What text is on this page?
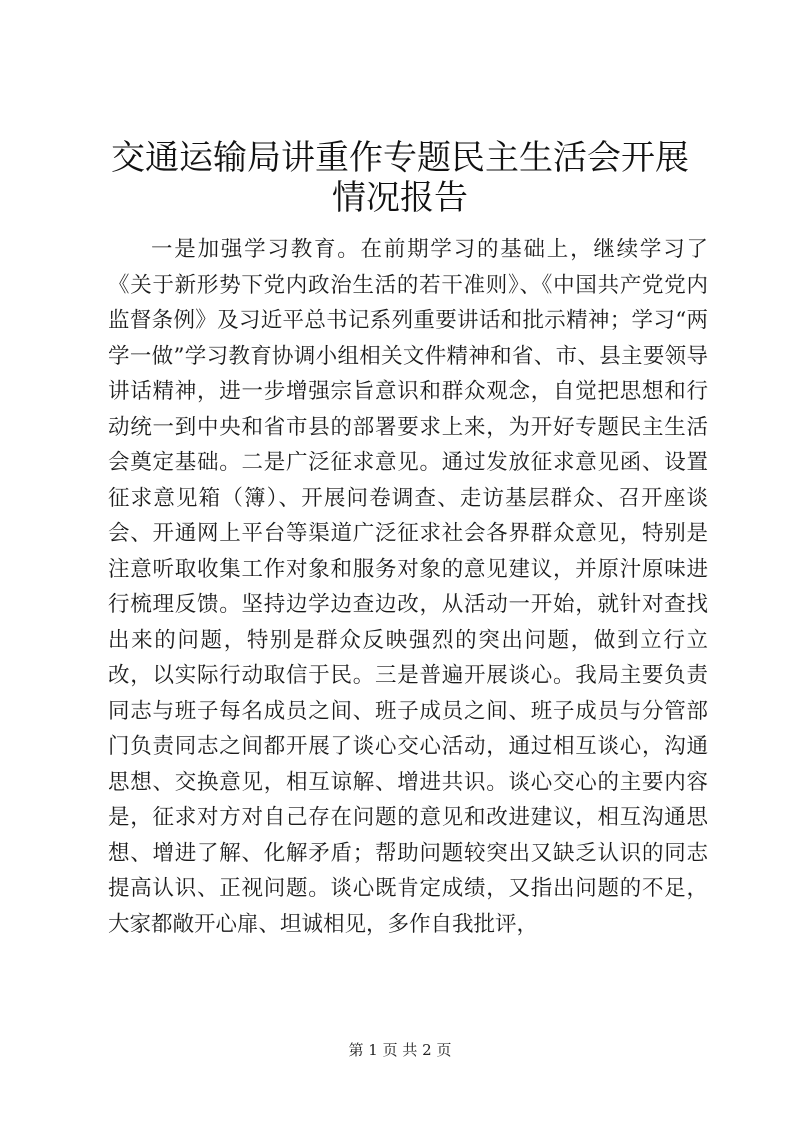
交通运输局讲重作专题民主生活会开展情况报告

一是加强学习教育。在前期学习的基础上，继续学习了《关于新形势下党内政治生活的若干准则》、《中国共产党党内监督条例》及习近平总书记系列重要讲话和批示精神；学习“两学一做”学习教育协调小组相关文件精神和省、市、县主要领导讲话精神，进一步增强宗旨意识和群众观念，自觉把思想和行动统一到中央和省市县的部署要求上来，为开好专题民主生活会奠定基础。二是广泛征求意见。通过发放征求意见函、设置征求意见箱（簿）、开展问卷调查、走访基层群众、召开座谈会、开通网上平台等渠道广泛征求社会各界群众意见，特别是注意听取收集工作对象和服务对象的意见建议，并原汁原味进行梳理反馈。坚持边学边查边改，从活动一开始，就针对查找出来的问题，特别是群众反映强烈的突出问题，做到立行立改，以实际行动取信于民。三是普遍开展谈心。我局主要负责同志与班子每名成员之间、班子成员之间、班子成员与分管部门负责同志之间都开展了谈心交心活动，通过相互谈心，沟通思想、交换意见，相互谅解、增进共识。谈心交心的主要内容是，征求对方对自己存在问题的意见和改进建议，相互沟通思想、增进了解、化解矛盾；帮助问题较突出又缺乏认识的同志提高认识、正视问题。谈心既肯定成绩，又指出问题的不足，大家都敞开心扉、坦诚相见，多作自我批评，

第 1 页 共 2 页
